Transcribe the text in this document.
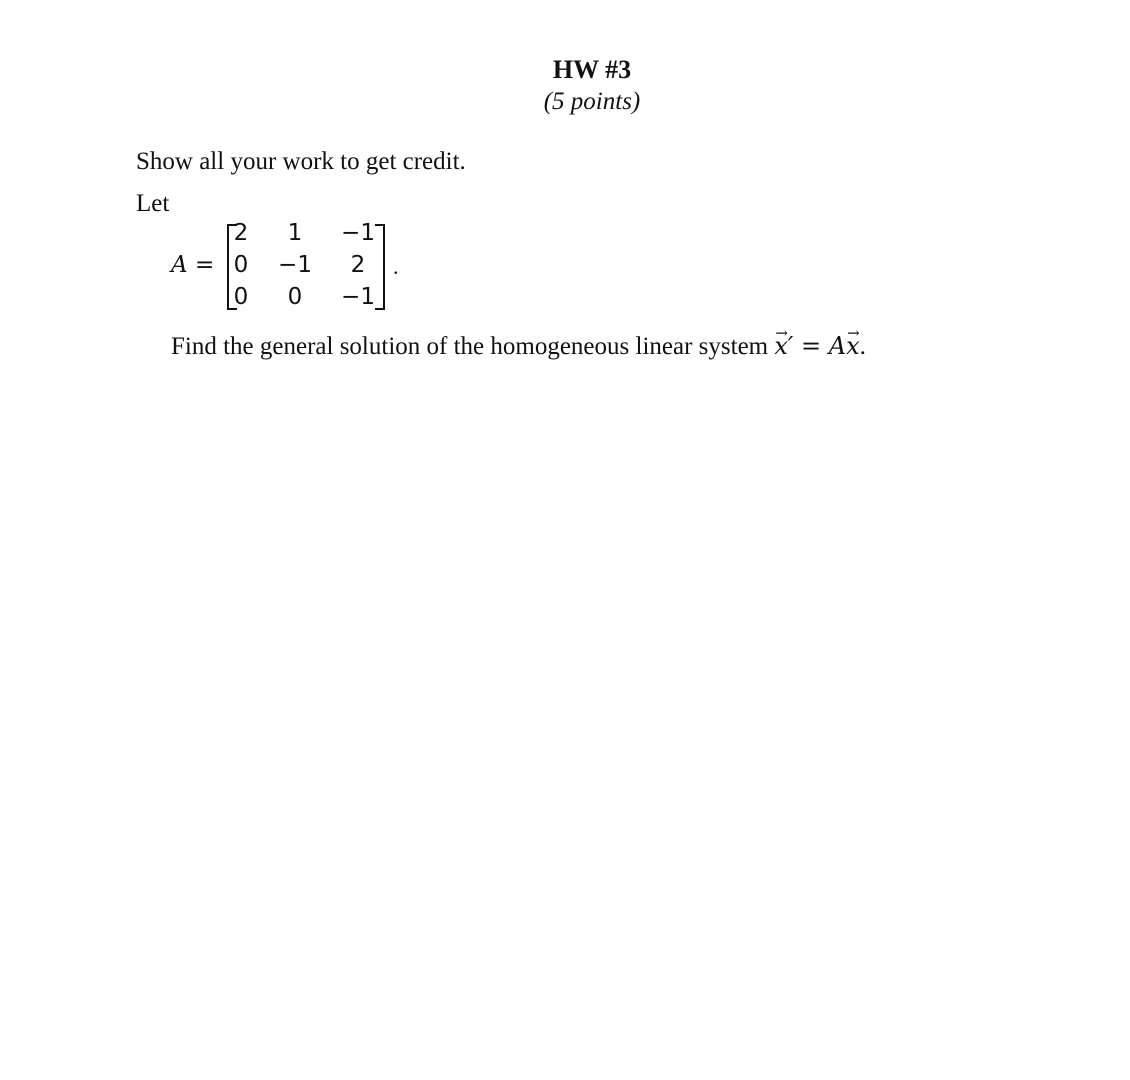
HW #3
(5 points)
Show all your work to get credit.
Let
A =
2	1	−1
0	−1	2
0	0	−1
.
Find the general solution of the homogeneous linear system → x′ = A→ x.
